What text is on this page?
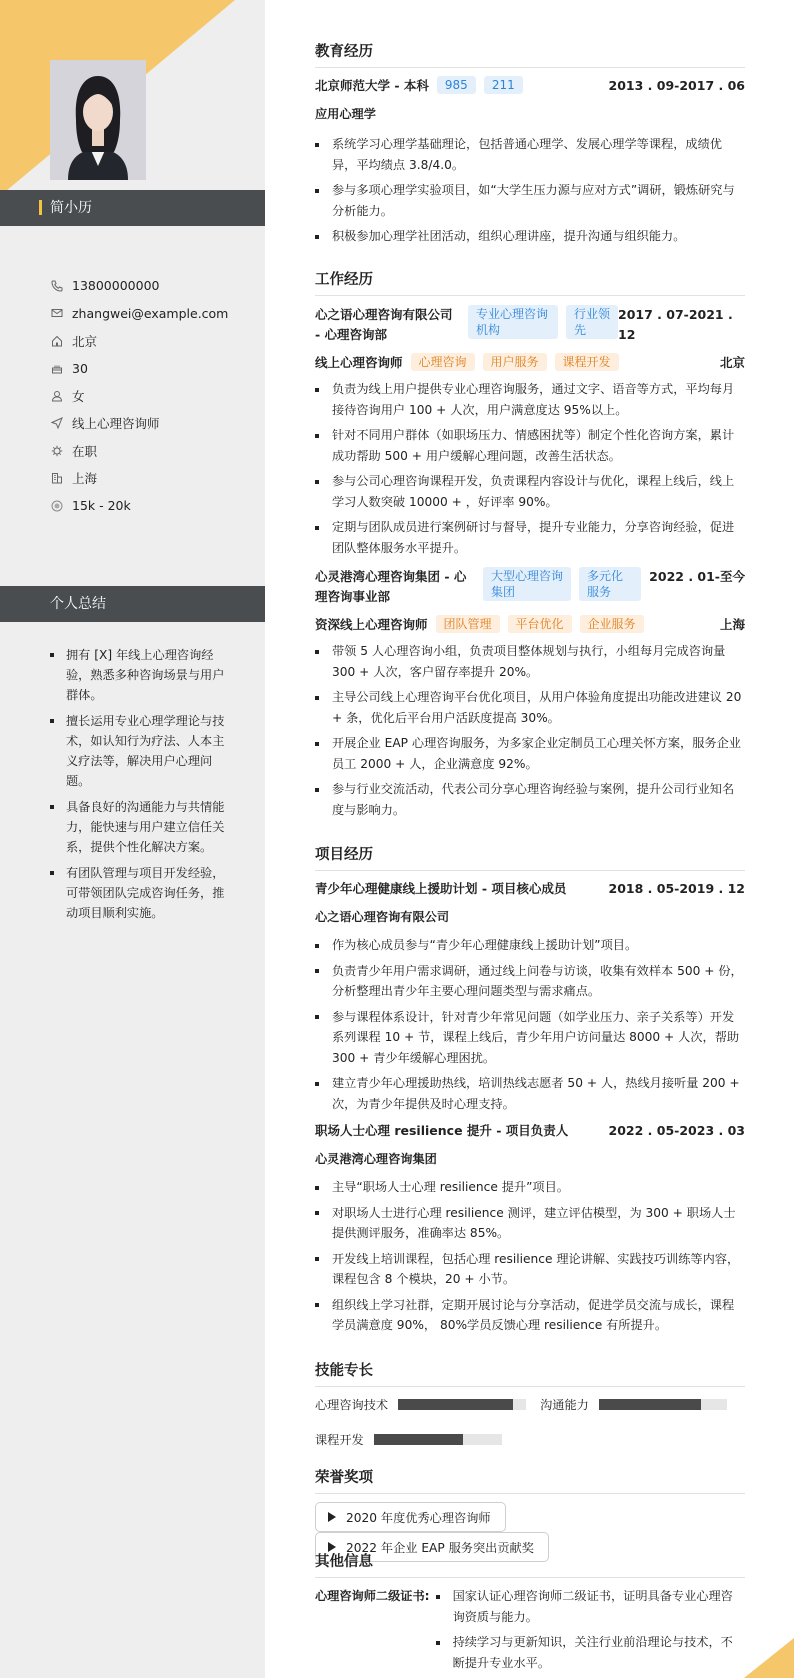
简小历
13800000000
zhangwei@example.com
北京
30
女
线上心理咨询师
在职
上海
15k - 20k
个人总结
拥有 [X] 年线上心理咨询经验，熟悉多种咨询场景与用户群体。
擅长运用专业心理学理论与技术，如认知行为疗法、人本主义疗法等，解决用户心理问题。
具备良好的沟通能力与共情能力，能快速与用户建立信任关系，提供个性化解决方案。
有团队管理与项目开发经验，可带领团队完成咨询任务，推动项目顺利实施。
教育经历
北京师范大学 - 本科	985	211	2013 . 09-2017 . 06
应用心理学
系统学习心理学基础理论，包括普通心理学、发展心理学等课程，成绩优异，平均绩点 3.8/4.0。
参与多项心理学实验项目，如“大学生压力源与应对方式”调研，锻炼研究与分析能力。
积极参加心理学社团活动，组织心理讲座，提升沟通与组织能力。
工作经历
心之语心理咨询有限公司 - 心理咨询部
专业心理咨询机构
行业领先
2017 . 07-2021 . 12
线上心理咨询师	心理咨询	用户服务	课程开发	北京
负责为线上用户提供专业心理咨询服务，通过文字、语音等方式，平均每月接待咨询用户 100 + 人次，用户满意度达 95%以上。
针对不同用户群体（如职场压力、情感困扰等）制定个性化咨询方案，累计成功帮助 500 + 用户缓解心理问题，改善生活状态。
参与公司心理咨询课程开发，负责课程内容设计与优化，课程上线后，线上学习人数突破 10000 + ，好评率 90%。
定期与团队成员进行案例研讨与督导，提升专业能力，分享咨询经验，促进团队整体服务水平提升。
心灵港湾心理咨询集团 - 心理咨询事业部
大型心理咨询集团
多元化服务
2022 . 01-至今
资深线上心理咨询师	团队管理	平台优化	企业服务	上海
带领 5 人心理咨询小组，负责项目整体规划与执行，小组每月完成咨询量 300 + 人次，客户留存率提升 20%。
主导公司线上心理咨询平台优化项目，从用户体验角度提出功能改进建议 20 + 条，优化后平台用户活跃度提高 30%。
开展企业 EAP 心理咨询服务，为多家企业定制员工心理关怀方案，服务企业员工 2000 + 人，企业满意度 92%。
参与行业交流活动，代表公司分享心理咨询经验与案例，提升公司行业知名度与影响力。
项目经历
青少年心理健康线上援助计划 - 项目核心成员	2018 . 05-2019 . 12
心之语心理咨询有限公司
作为核心成员参与“青少年心理健康线上援助计划”项目。
负责青少年用户需求调研，通过线上问卷与访谈，收集有效样本 500 + 份，分析整理出青少年主要心理问题类型与需求痛点。
参与课程体系设计，针对青少年常见问题（如学业压力、亲子关系等）开发系列课程 10 + 节，课程上线后，青少年用户访问量达 8000 + 人次，帮助 300 + 青少年缓解心理困扰。
建立青少年心理援助热线，培训热线志愿者 50 + 人，热线月接听量 200 + 次，为青少年提供及时心理支持。
职场人士心理 resilience 提升 - 项目负责人	2022 . 05-2023 . 03
心灵港湾心理咨询集团
主导“职场人士心理 resilience 提升”项目。
对职场人士进行心理 resilience 测评，建立评估模型，为 300 + 职场人士提供测评服务，准确率达 85%。
开发线上培训课程，包括心理 resilience 理论讲解、实践技巧训练等内容，课程包含 8 个模块，20 + 小节。
组织线上学习社群，定期开展讨论与分享活动，促进学员交流与成长，课程学员满意度 90%， 80%学员反馈心理 resilience 有所提升。
技能专长
心理咨询技术	沟通能力
课程开发
荣誉奖项
2020 年度优秀心理咨询师

2022 年企业 EAP 服务突出贡献奖
其他信息
心理咨询师二级证书:	国家认证心理咨询师二级证书，证明具备专业心理咨询资质与能力。
持续学习与更新知识，关注行业前沿理论与技术，不断提升专业水平。
